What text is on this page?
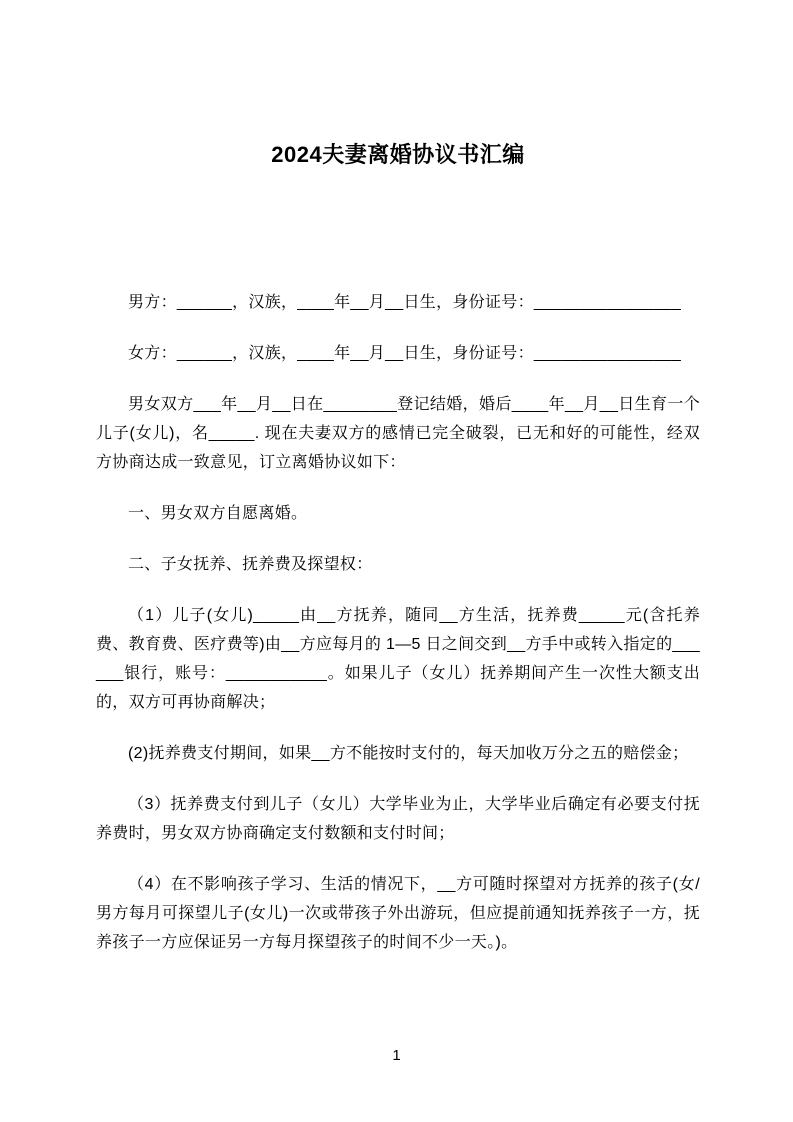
2024夫妻离婚协议书汇编

男方：______，汉族，____年__月__日生，身份证号：________________

女方：______，汉族，____年__月__日生，身份证号：________________

男女双方___年__月__日在________登记结婚，婚后____年__月__日生育一个儿子(女儿)，名_____. 现在夫妻双方的感情已完全破裂，已无和好的可能性，经双方协商达成一致意见，订立离婚协议如下：

一、男女双方自愿离婚。

二、子女抚养、抚养费及探望权：

（1）儿子(女儿)_____由__方抚养，随同__方生活，抚养费_____元(含托养费、教育费、医疗费等)由__方应每月的 1—5 日之间交到__方手中或转入指定的______银行，账号：___________。如果儿子（女儿）抚养期间产生一次性大额支出的，双方可再协商解决；

(2)抚养费支付期间，如果__方不能按时支付的，每天加收万分之五的赔偿金；

（3）抚养费支付到儿子（女儿）大学毕业为止，大学毕业后确定有必要支付抚养费时，男女双方协商确定支付数额和支付时间；

（4）在不影响孩子学习、生活的情况下，__方可随时探望对方抚养的孩子(女/男方每月可探望儿子(女儿)一次或带孩子外出游玩，但应提前通知抚养孩子一方，抚养孩子一方应保证另一方每月探望孩子的时间不少一天。)。

1
